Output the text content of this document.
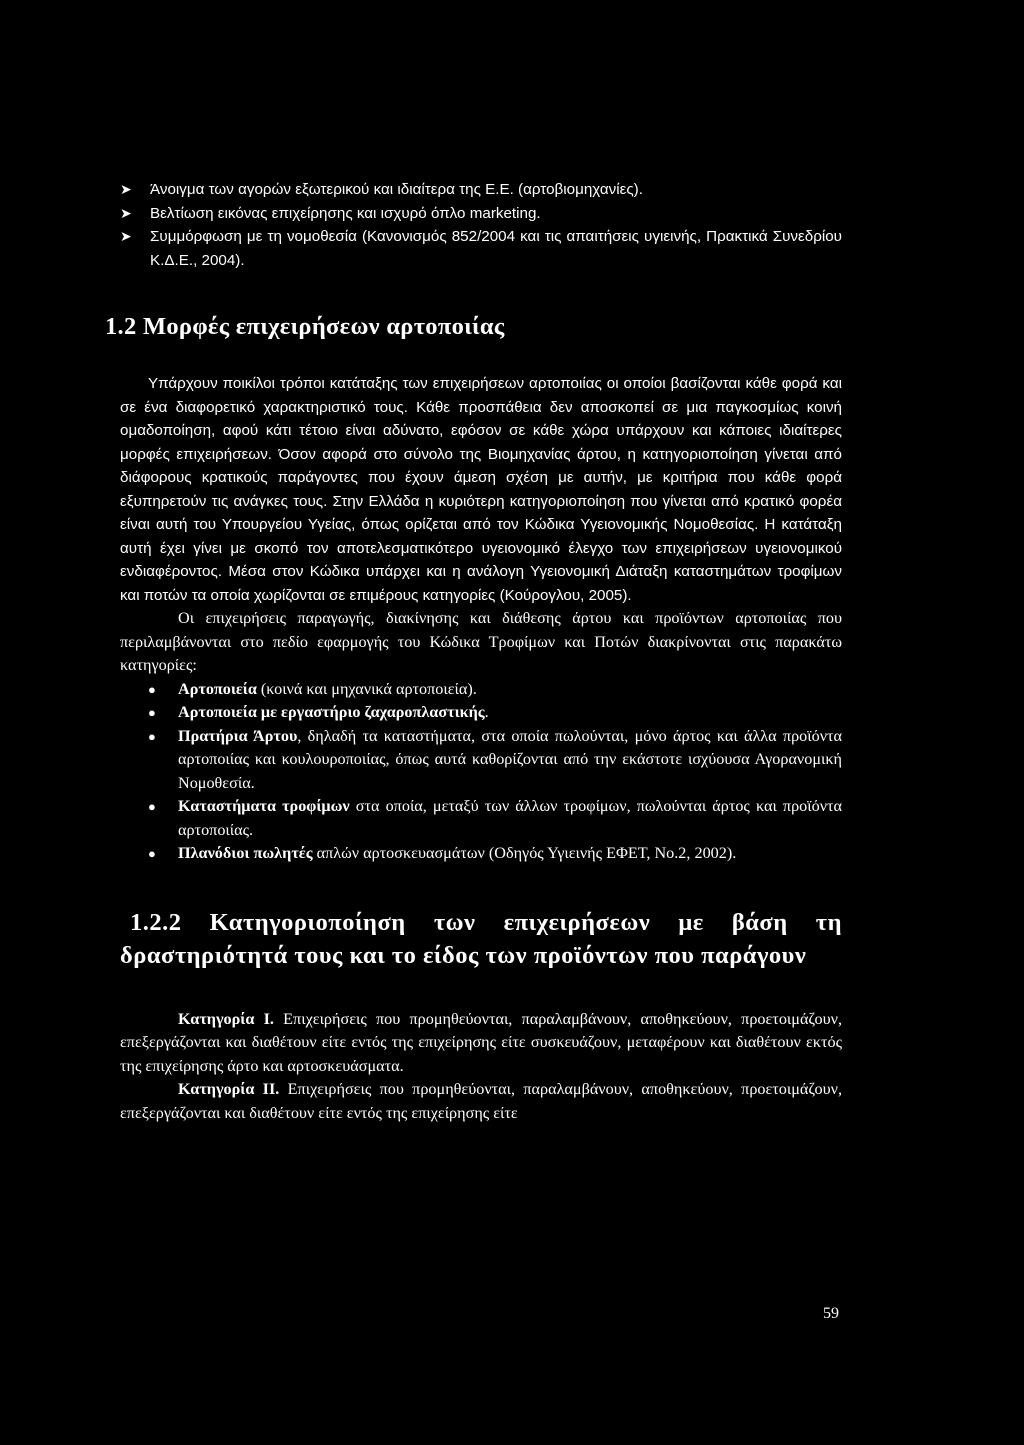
➤ Άνοιγμα των αγορών εξωτερικού και ιδιαίτερα της Ε.Ε. (αρτοβιομηχανίες).
➤ Βελτίωση εικόνας επιχείρησης και ισχυρό όπλο marketing.
➤ Συμμόρφωση με τη νομοθεσία (Κανονισμός 852/2004 και τις απαιτήσεις υγιεινής, Πρακτικά Συνεδρίου Κ.Δ.Ε., 2004).
1.2 Μορφές επιχειρήσεων αρτοποιίας

Υπάρχουν ποικίλοι τρόποι κατάταξης των επιχειρήσεων αρτοποιίας οι οποίοι βασίζονται κάθε φορά και σε ένα διαφορετικό χαρακτηριστικό τους. Κάθε προσπάθεια δεν αποσκοπεί σε μια παγκοσμίως κοινή ομαδοποίηση, αφού κάτι τέτοιο είναι αδύνατο, εφόσον σε κάθε χώρα υπάρχουν και κάποιες ιδιαίτερες μορφές επιχειρήσεων. Όσον αφορά στο σύνολο της Βιομηχανίας άρτου, η κατηγοριοποίηση γίνεται από διάφορους κρατικούς παράγοντες που έχουν άμεση σχέση με αυτήν, με κριτήρια που κάθε φορά εξυπηρετούν τις ανάγκες τους. Στην Ελλάδα η κυριότερη κατηγοριοποίηση που γίνεται από κρατικό φορέα είναι αυτή του Υπουργείου Υγείας, όπως ορίζεται από τον Κώδικα Υγειονομικής Νομοθεσίας. Η κατάταξη αυτή έχει γίνει με σκοπό τον αποτελεσματικότερο υγειονομικό έλεγχο των επιχειρήσεων υγειονομικού ενδιαφέροντος. Μέσα στον Κώδικα υπάρχει και η ανάλογη Υγειονομική Διάταξη καταστημάτων τροφίμων και ποτών τα οποία χωρίζονται σε επιμέρους κατηγορίες (Κούρογλου, 2005).

Οι επιχειρήσεις παραγωγής, διακίνησης και διάθεσης άρτου και προϊόντων αρτοποιίας που περιλαμβάνονται στο πεδίο εφαρμογής του Κώδικα Τροφίμων και Ποτών διακρίνονται στις παρακάτω κατηγορίες:

● Αρτοποιεία (κοινά και μηχανικά αρτοποιεία).
● Αρτοποιεία με εργαστήριο ζαχαροπλαστικής.
● Πρατήρια Άρτου, δηλαδή τα καταστήματα, στα οποία πωλούνται, μόνο άρτος και άλλα προϊόντα αρτοποιίας και κουλουροποιίας, όπως αυτά καθορίζονται από την εκάστοτε ισχύουσα Αγορανομική Νομοθεσία.
● Καταστήματα τροφίμων στα οποία, μεταξύ των άλλων τροφίμων, πωλούνται άρτος και προϊόντα αρτοποιίας.
● Πλανόδιοι πωλητές απλών αρτοσκευασμάτων (Οδηγός Υγιεινής ΕΦΕΤ, Νο.2, 2002).
1.2.2 Κατηγοριοποίηση των επιχειρήσεων με βάση τη
δραστηριότητά τους και το είδος των προϊόντων που παράγουν

Κατηγορία Ι. Επιχειρήσεις που προμηθεύονται, παραλαμβάνουν, αποθηκεύουν, προετοιμάζουν, επεξεργάζονται και διαθέτουν είτε εντός της επιχείρησης είτε συσκευάζουν, μεταφέρουν και διαθέτουν εκτός της επιχείρησης άρτο και αρτοσκευάσματα.

Κατηγορία ΙΙ. Επιχειρήσεις που προμηθεύονται, παραλαμβάνουν, αποθηκεύουν, προετοιμάζουν, επεξεργάζονται και διαθέτουν είτε εντός της επιχείρησης είτε

59
